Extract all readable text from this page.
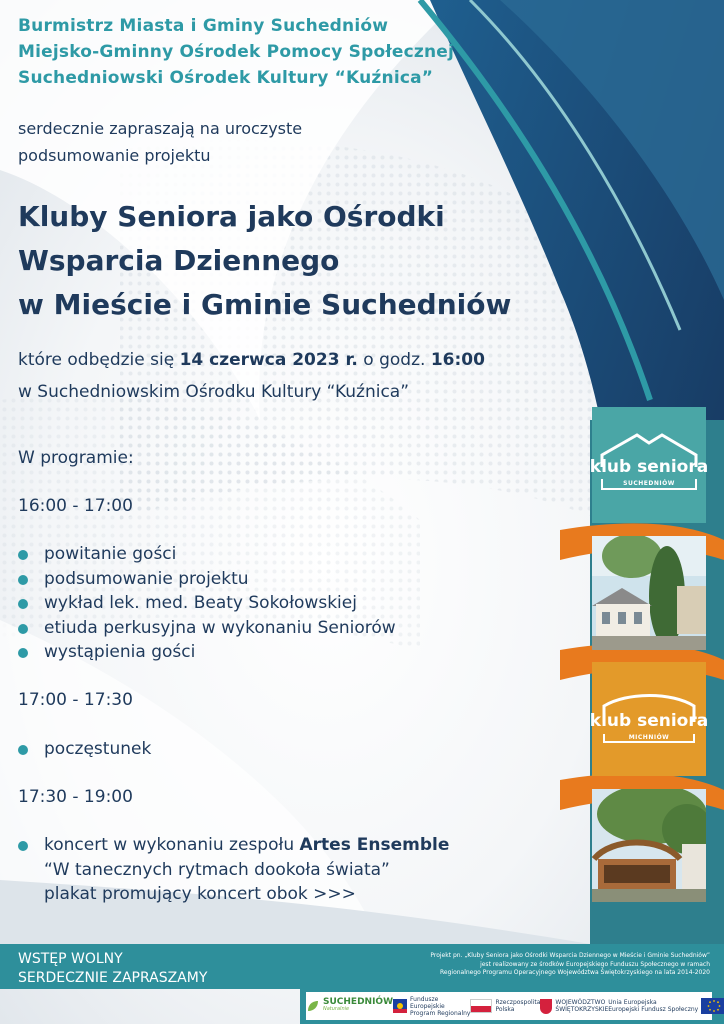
Burmistrz Miasta i Gminy Suchedniów
Miejsko-Gminny Ośrodek Pomocy Społecznej
Suchedniowski Ośrodek Kultury “Kuźnica”
serdecznie zapraszają na uroczyste
podsumowanie projektu
Kluby Seniora jako Ośrodki
Wsparcia Dziennego
w Mieście i Gminie Suchedniów
które odbędzie się 14 czerwca 2023 r. o godz. 16:00
w Suchedniowskim Ośrodku Kultury “Kuźnica”
W programie:
16:00 - 17:00
powitanie gości
podsumowanie projektu
wykład lek. med. Beaty Sokołowskiej
etiuda perkusyjna w wykonaniu Seniorów
wystąpienia gości
17:00 - 17:30
poczęstunek
17:30 - 19:00
koncert w wykonaniu zespołu Artes Ensemble
“W tanecznych rytmach dookoła świata”
plakat promujący koncert obok >>>
klub seniora
SUCHEDNIÓW
klub seniora
MICHNIÓW
WSTĘP WOLNY
SERDECZNIE ZAPRASZAMY
Projekt pn. „Kluby Seniora jako Ośrodki Wsparcia Dziennego w Mieście i Gminie Suchedniów”
jest realizowany ze środków Europejskiego Funduszu Społecznego w ramach
Regionalnego Programu Operacyjnego Województwa Świętokrzyskiego na lata 2014-2020
SUCHEDNIÓW
Naturalnie
Fundusze
Europejskie
Program Regionalny
Rzeczpospolita
Polska
WOJEWÓDZTWO
ŚWIĘTOKRZYSKIE
Unia Europejska
Europejski Fundusz Społeczny
